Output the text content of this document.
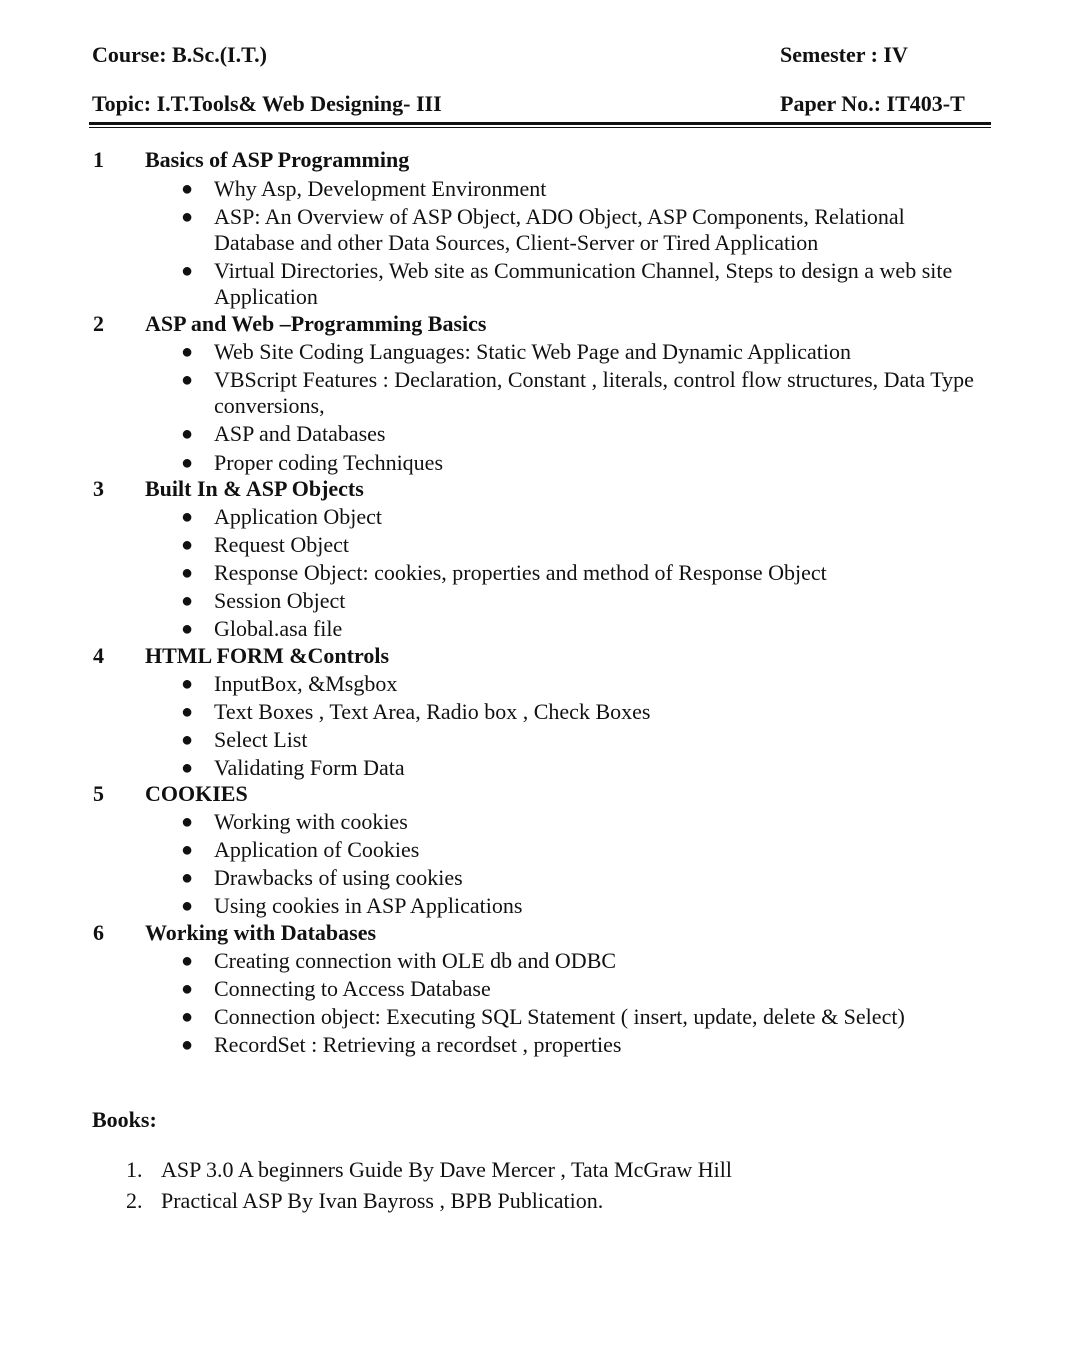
Course: B.Sc.(I.T.)	Semester : IV
Topic: I.T.Tools& Web Designing- III	Paper No.: IT403-T
1 Basics of ASP Programming
● Why Asp, Development Environment
● ASP: An Overview of ASP Object, ADO Object, ASP Components, Relational Database and other Data Sources, Client-Server or Tired Application
● Virtual Directories, Web site as Communication Channel, Steps to design a web site Application
2 ASP and Web –Programming Basics
● Web Site Coding Languages: Static Web Page and Dynamic Application
● VBScript Features : Declaration, Constant , literals, control flow structures, Data Type conversions,
● ASP and Databases
● Proper coding Techniques
3 Built In & ASP Objects
● Application Object
● Request Object
● Response Object: cookies, properties and method of Response Object
● Session Object
● Global.asa file
4 HTML FORM &Controls
● InputBox, &Msgbox
● Text Boxes , Text Area, Radio box , Check Boxes
● Select List
● Validating Form Data
5 COOKIES
● Working with cookies
● Application of Cookies
● Drawbacks of using cookies
● Using cookies in ASP Applications
6 Working with Databases
● Creating connection with OLE db and ODBC
● Connecting to Access Database
● Connection object: Executing SQL Statement ( insert, update, delete & Select)
● RecordSet : Retrieving a recordset , properties
Books:
1. ASP 3.0 A beginners Guide By Dave Mercer , Tata McGraw Hill
2. Practical ASP By Ivan Bayross , BPB Publication.
